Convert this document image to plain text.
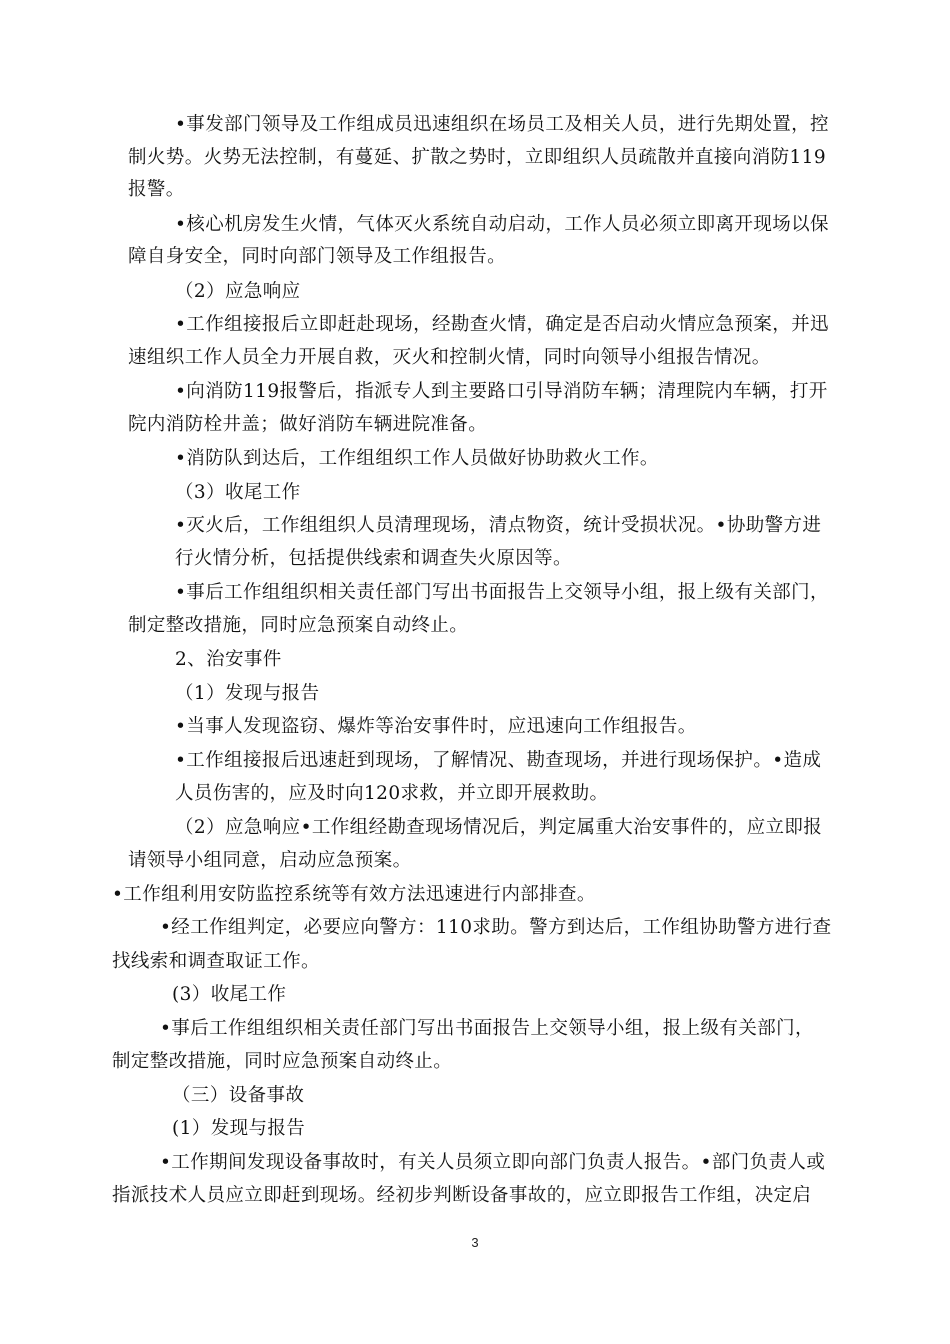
•事发部门领导及工作组成员迅速组织在场员工及相关人员，进行先期处置，控
制火势。火势无法控制，有蔓延、扩散之势时，立即组织人员疏散并直接向消防119
报警。
•核心机房发生火情，气体灭火系统自动启动，工作人员必须立即离开现场以保
障自身安全，同时向部门领导及工作组报告。
（2）应急响应
•工作组接报后立即赶赴现场，经勘查火情，确定是否启动火情应急预案，并迅
速组织工作人员全力开展自救，灭火和控制火情，同时向领导小组报告情况。
•向消防119报警后，指派专人到主要路口引导消防车辆；清理院内车辆，打开
院内消防栓井盖；做好消防车辆进院准备。
•消防队到达后，工作组组织工作人员做好协助救火工作。
（3）收尾工作
•灭火后，工作组组织人员清理现场，清点物资，统计受损状况。•协助警方进
行火情分析，包括提供线索和调查失火原因等。
•事后工作组组织相关责任部门写出书面报告上交领导小组，报上级有关部门，
制定整改措施，同时应急预案自动终止。
2、治安事件
（1）发现与报告
•当事人发现盗窃、爆炸等治安事件时，应迅速向工作组报告。
•工作组接报后迅速赶到现场，了解情况、勘查现场，并进行现场保护。•造成
人员伤害的，应及时向120求救，并立即开展救助。
（2）应急响应•工作组经勘查现场情况后，判定属重大治安事件的，应立即报
请领导小组同意，启动应急预案。
•工作组利用安防监控系统等有效方法迅速进行内部排查。
•经工作组判定，必要应向警方：110求助。警方到达后，工作组协助警方进行查
找线索和调查取证工作。
(3）收尾工作
•事后工作组组织相关责任部门写出书面报告上交领导小组，报上级有关部门，
制定整改措施，同时应急预案自动终止。
（三）设备事故
(1）发现与报告
•工作期间发现设备事故时，有关人员须立即向部门负责人报告。•部门负责人或
指派技术人员应立即赶到现场。经初步判断设备事故的，应立即报告工作组，决定启
3
